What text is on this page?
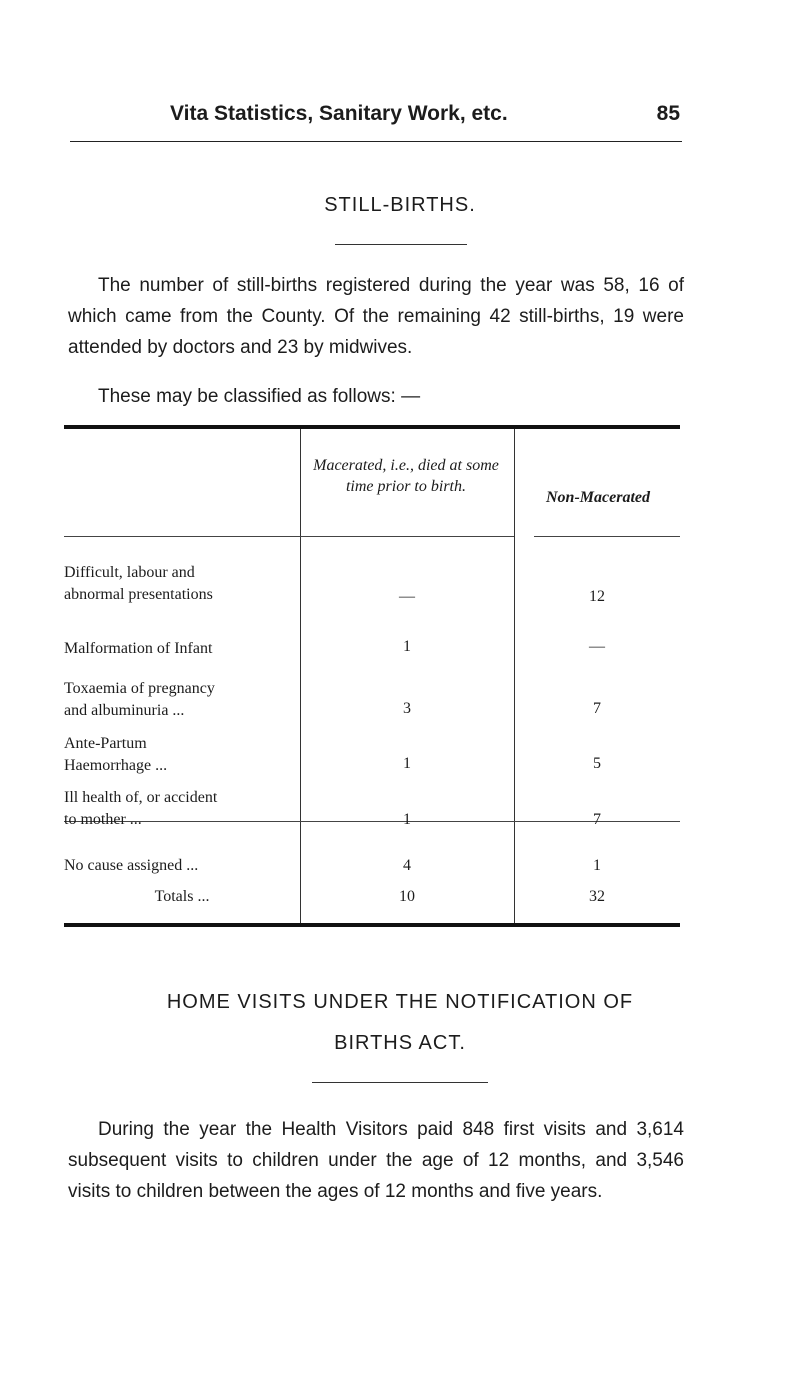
Vita Statistics, Sanitary Work, etc.	85
STILL-BIRTHS.
The number of still-births registered during the year was 58, 16 of which came from the County. Of the remaining 42 still-births, 19 were attended by doctors and 23 by midwives.
These may be classified as follows: —
Macerated, i.e., died at some time prior to birth.
Non-Macerated
Difficult, labour and
abnormal presentations	—	12
Malformation of Infant	1	—
Toxaemia of pregnancy
and albuminuria ...	3	7
Ante-Partum
Haemorrhage ...	1	5
Ill health of, or accident
to mother ...	1	7
No cause assigned ...	4	1
Totals ...	10	32
HOME VISITS UNDER THE NOTIFICATION OF
BIRTHS ACT.
During the year the Health Visitors paid 848 first visits and 3,614 subsequent visits to children under the age of 12 months, and 3,546 visits to children between the ages of 12 months and five years.
